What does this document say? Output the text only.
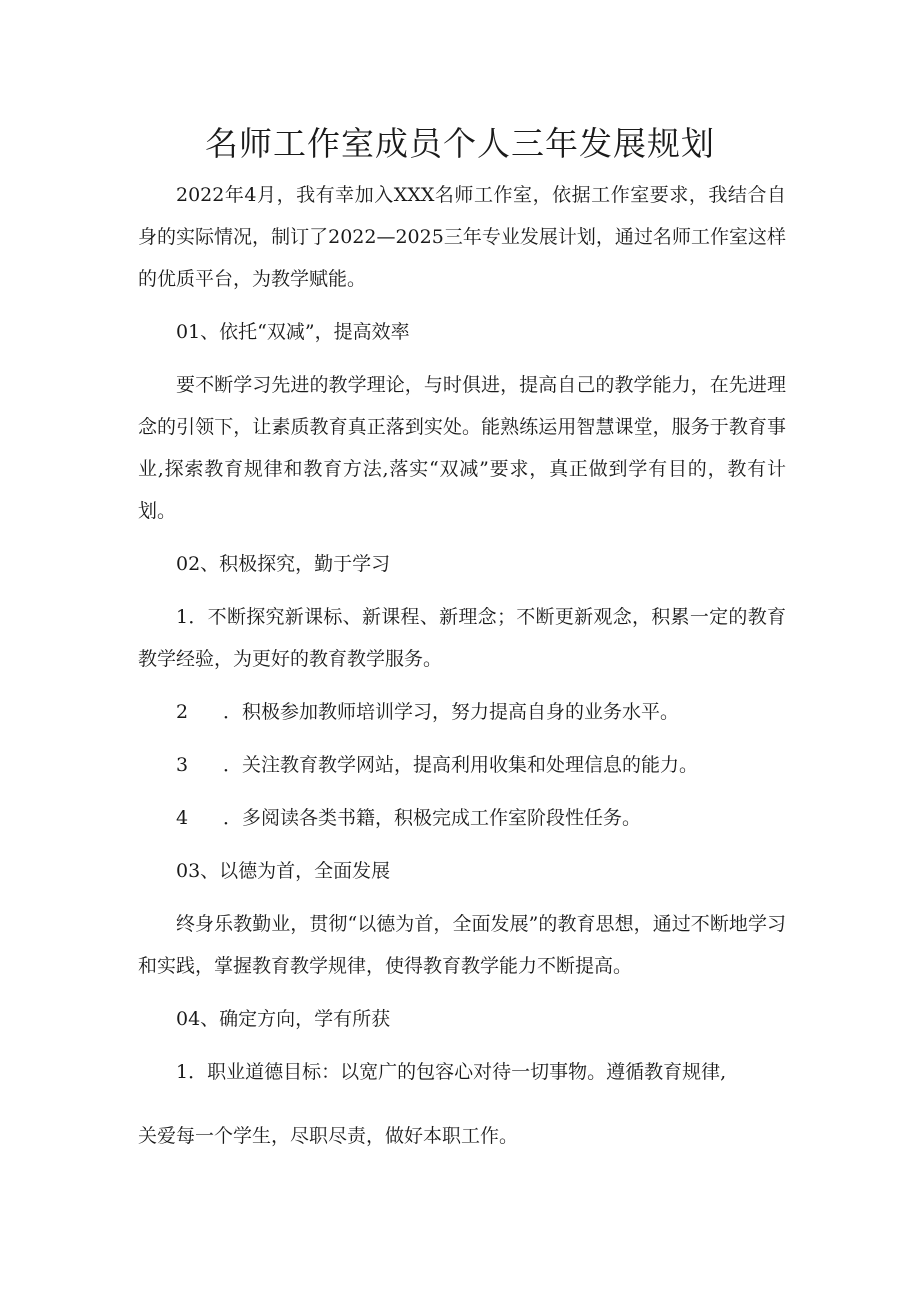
名师工作室成员个人三年发展规划

2022年4月，我有幸加入XXX名师工作室，依据工作室要求，我结合自身的实际情况，制订了2022—2025三年专业发展计划，通过名师工作室这样的优质平台，为教学赋能。

01、依托“双减”，提高效率

要不断学习先进的教学理论，与时俱进，提高自己的教学能力，在先进理念的引领下，让素质教育真正落到实处。能熟练运用智慧课堂，服务于教育事业,探索教育规律和教育方法,落实“双减”要求，真正做到学有目的，教有计划。

02、积极探究，勤于学习

1．不断探究新课标、新课程、新理念；不断更新观念，积累一定的教育教学经验，为更好的教育教学服务。

2 ．积极参加教师培训学习，努力提高自身的业务水平。

3 ．关注教育教学网站，提高利用收集和处理信息的能力。

4 ．多阅读各类书籍，积极完成工作室阶段性任务。

03、以德为首，全面发展

终身乐教勤业，贯彻“以德为首，全面发展”的教育思想，通过不断地学习和实践，掌握教育教学规律，使得教育教学能力不断提高。

04、确定方向，学有所获

1．职业道德目标：以宽广的包容心对待一切事物。遵循教育规律,

关爱每一个学生，尽职尽责，做好本职工作。
